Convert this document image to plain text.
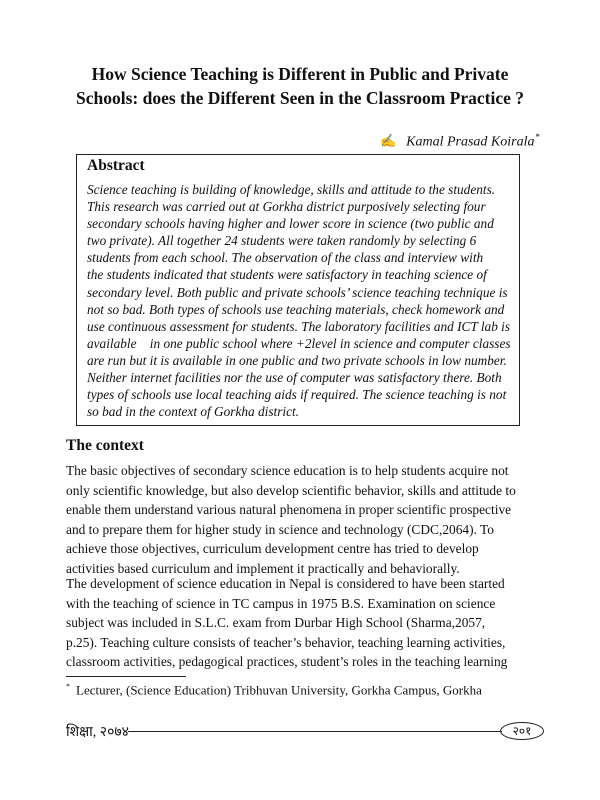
How Science Teaching is Different in Public and Private
Schools: does the Different Seen in the Classroom Practice ?
✍ Kamal Prasad Koirala*
Abstract
Science teaching is building of knowledge, skills and attitude to the students.
This research was carried out at Gorkha district purposively selecting four
secondary schools having higher and lower score in science (two public and
two private). All together 24 students were taken randomly by selecting 6
students from each school. The observation of the class and interview with
the students indicated that students were satisfactory in teaching science of
secondary level. Both public and private schools’ science teaching technique is
not so bad. Both types of schools use teaching materials, check homework and
use continuous assessment for students. The laboratory facilities and ICT lab is
available    in one public school where +2level in science and computer classes
are run but it is available in one public and two private schools in low number.
Neither internet facilities nor the use of computer was satisfactory there. Both
types of schools use local teaching aids if required. The science teaching is not
so bad in the context of Gorkha district.
The context
The basic objectives of secondary science education is to help students acquire not
only scientific knowledge, but also develop scientific behavior, skills and attitude to
enable them understand various natural phenomena in proper scientific prospective
and to prepare them for higher study in science and technology (CDC,2064). To
achieve those objectives, curriculum development centre has tried to develop
activities based curriculum and implement it practically and behaviorally.
The development of science education in Nepal is considered to have been started
with the teaching of science in TC campus in 1975 B.S. Examination on science
subject was included in S.L.C. exam from Durbar High School (Sharma,2057,
p.25). Teaching culture consists of teacher’s behavior, teaching learning activities,
classroom activities, pedagogical practices, student’s roles in the teaching learning
* Lecturer, (Science Education) Tribhuvan University, Gorkha Campus, Gorkha
शिक्षा, २०७४	२०१
